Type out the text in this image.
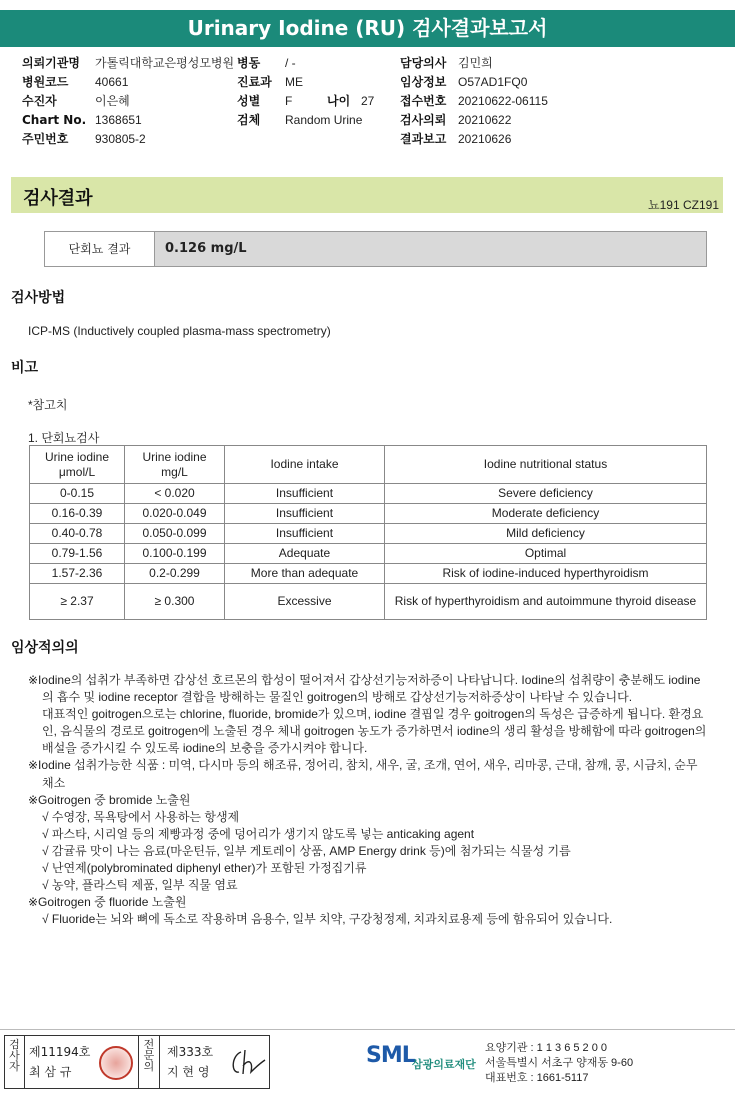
Urinary Iodine (RU) 검사결과보고서
의뢰기관명 가톨릭대학교은평성모병원
병원코드 40661
수진자	이은혜
Chart No. 1368651
주민번호 930805-2
병동 / -
진료과 ME
성별 F	나이 27
검체 Random Urine
담당의사 김민희
임상정보 O57AD1FQ0
접수번호 20210622-06115
검사의뢰 20210622
결과보고 20210626
검사결과	뇨191 CZ191
단회뇨 결과	0.126 mg/L
검사방법
ICP-MS (Inductively coupled plasma-mass spectrometry)
비고
*참고치
1. 단회뇨검사
Urine iodine μmol/L	Urine iodine mg/L	Iodine intake	Iodine nutritional status
0-0.15	< 0.020	Insufficient	Severe deficiency
0.16-0.39	0.020-0.049	Insufficient	Moderate deficiency
0.40-0.78	0.050-0.099	Insufficient	Mild deficiency
0.79-1.56	0.100-0.199	Adequate	Optimal
1.57-2.36	0.2-0.299	More than adequate	Risk of iodine-induced hyperthyroidism
≥ 2.37	≥ 0.300	Excessive	Risk of hyperthyroidism and autoimmune thyroid disease
임상적의의
※Iodine의 섭취가 부족하면 갑상선 호르몬의 합성이 떨어져서 갑상선기능저하증이 나타납니다. Iodine의 섭취량이 충분해도 iodine의 흡수 및 iodine receptor 결합을 방해하는 물질인 goitrogen의 방해로 갑상선기능저하증상이 나타날 수 있습니다.
대표적인 goitrogen으로는 chlorine, fluoride, bromide가 있으며, iodine 결핍일 경우 goitrogen의 독성은 급증하게 됩니다. 환경요인, 음식물의 경로로 goitrogen에 노출된 경우 체내 goitrogen 농도가 증가하면서 iodine의 생리 활성을 방해함에 따라 goitrogen의 배설을 증가시킬 수 있도록 iodine의 보충을 증가시켜야 합니다.
※Iodine 섭취가능한 식품 : 미역, 다시마 등의 해조류, 정어리, 참치, 새우, 굴, 조개, 연어, 새우, 리마콩, 근대, 참깨, 콩, 시금치, 순무채소
※Goitrogen 중 bromide 노출원
√ 수영장, 목욕탕에서 사용하는 항생제
√ 파스타, 시리얼 등의 제빵과정 중에 덩어리가 생기지 않도록 넣는 anticaking agent
√ 감귤류 맛이 나는 음료(마운틴듀, 일부 게토레이 상품, AMP Energy drink 등)에 첨가되는 식물성 기름
√ 난연제(polybrominated diphenyl ether)가 포함된 가정집기류
√ 농약, 플라스틱 제품, 일부 직물 염료
※Goitrogen 중 fluoride 노출원
√ Fluoride는 뇌와 뼈에 독소로 작용하며 음용수, 일부 치약, 구강청정제, 치과치료용제 등에 함유되어 있습니다.
검사자
제11194호
최 삼 규
전문의
제333호
지 현 영
SML
삼광의료재단
요양기관 : 1 1 3 6 5 2 0 0
서울특별시 서초구 양재동 9-60
대표번호 : 1661-5117
